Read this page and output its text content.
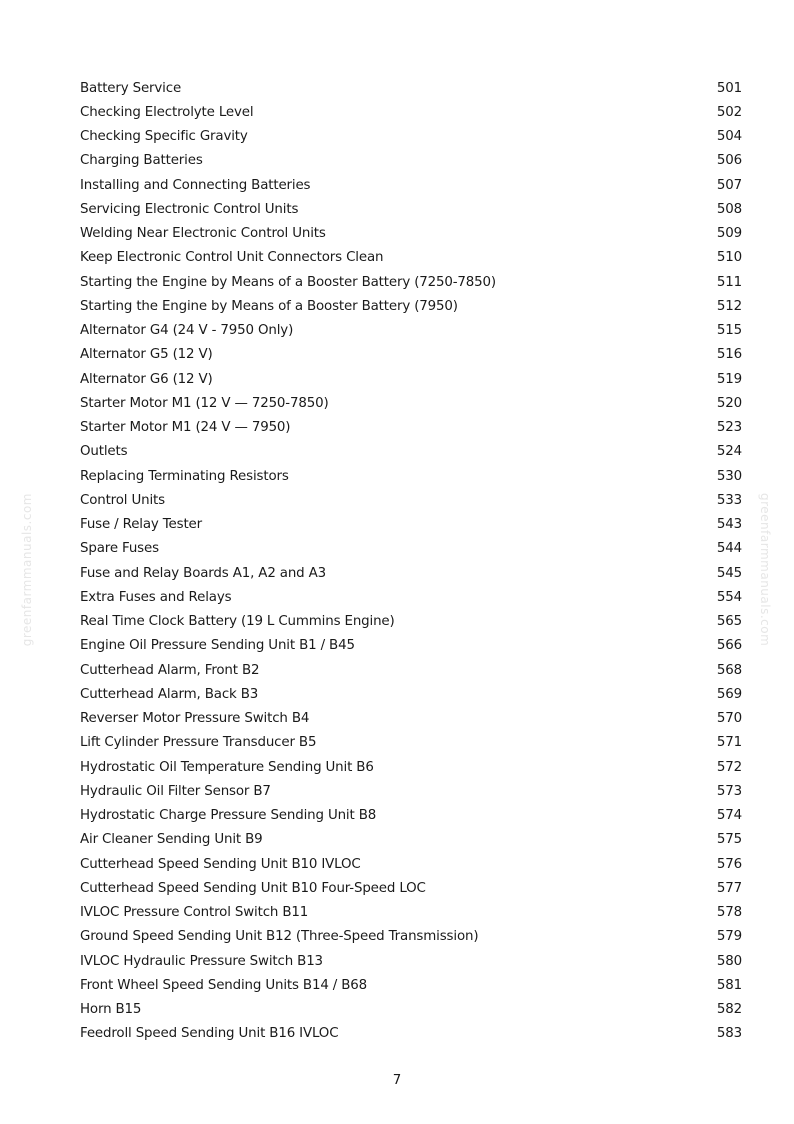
greenfarmmanuals.com	greenfarmmanuals.com
Battery Service	501
Checking Electrolyte Level	502
Checking Specific Gravity	504
Charging Batteries	506
Installing and Connecting Batteries	507
Servicing Electronic Control Units	508
Welding Near Electronic Control Units	509
Keep Electronic Control Unit Connectors Clean	510
Starting the Engine by Means of a Booster Battery (7250-7850)	511
Starting the Engine by Means of a Booster Battery (7950)	512
Alternator G4 (24 V - 7950 Only)	515
Alternator G5 (12 V)	516
Alternator G6 (12 V)	519
Starter Motor M1 (12 V — 7250-7850)	520
Starter Motor M1 (24 V — 7950)	523
Outlets	524
Replacing Terminating Resistors	530
Control Units	533
Fuse / Relay Tester	543
Spare Fuses	544
Fuse and Relay Boards A1, A2 and A3	545
Extra Fuses and Relays	554
Real Time Clock Battery (19 L Cummins Engine)	565
Engine Oil Pressure Sending Unit B1 / B45	566
Cutterhead Alarm, Front B2	568
Cutterhead Alarm, Back B3	569
Reverser Motor Pressure Switch B4	570
Lift Cylinder Pressure Transducer B5	571
Hydrostatic Oil Temperature Sending Unit B6	572
Hydraulic Oil Filter Sensor B7	573
Hydrostatic Charge Pressure Sending Unit B8	574
Air Cleaner Sending Unit B9	575
Cutterhead Speed Sending Unit B10 IVLOC	576
Cutterhead Speed Sending Unit B10 Four-Speed LOC	577
IVLOC Pressure Control Switch B11	578
Ground Speed Sending Unit B12 (Three-Speed Transmission)	579
IVLOC Hydraulic Pressure Switch B13	580
Front Wheel Speed Sending Units B14 / B68	581
Horn B15	582
Feedroll Speed Sending Unit B16 IVLOC	583
7
